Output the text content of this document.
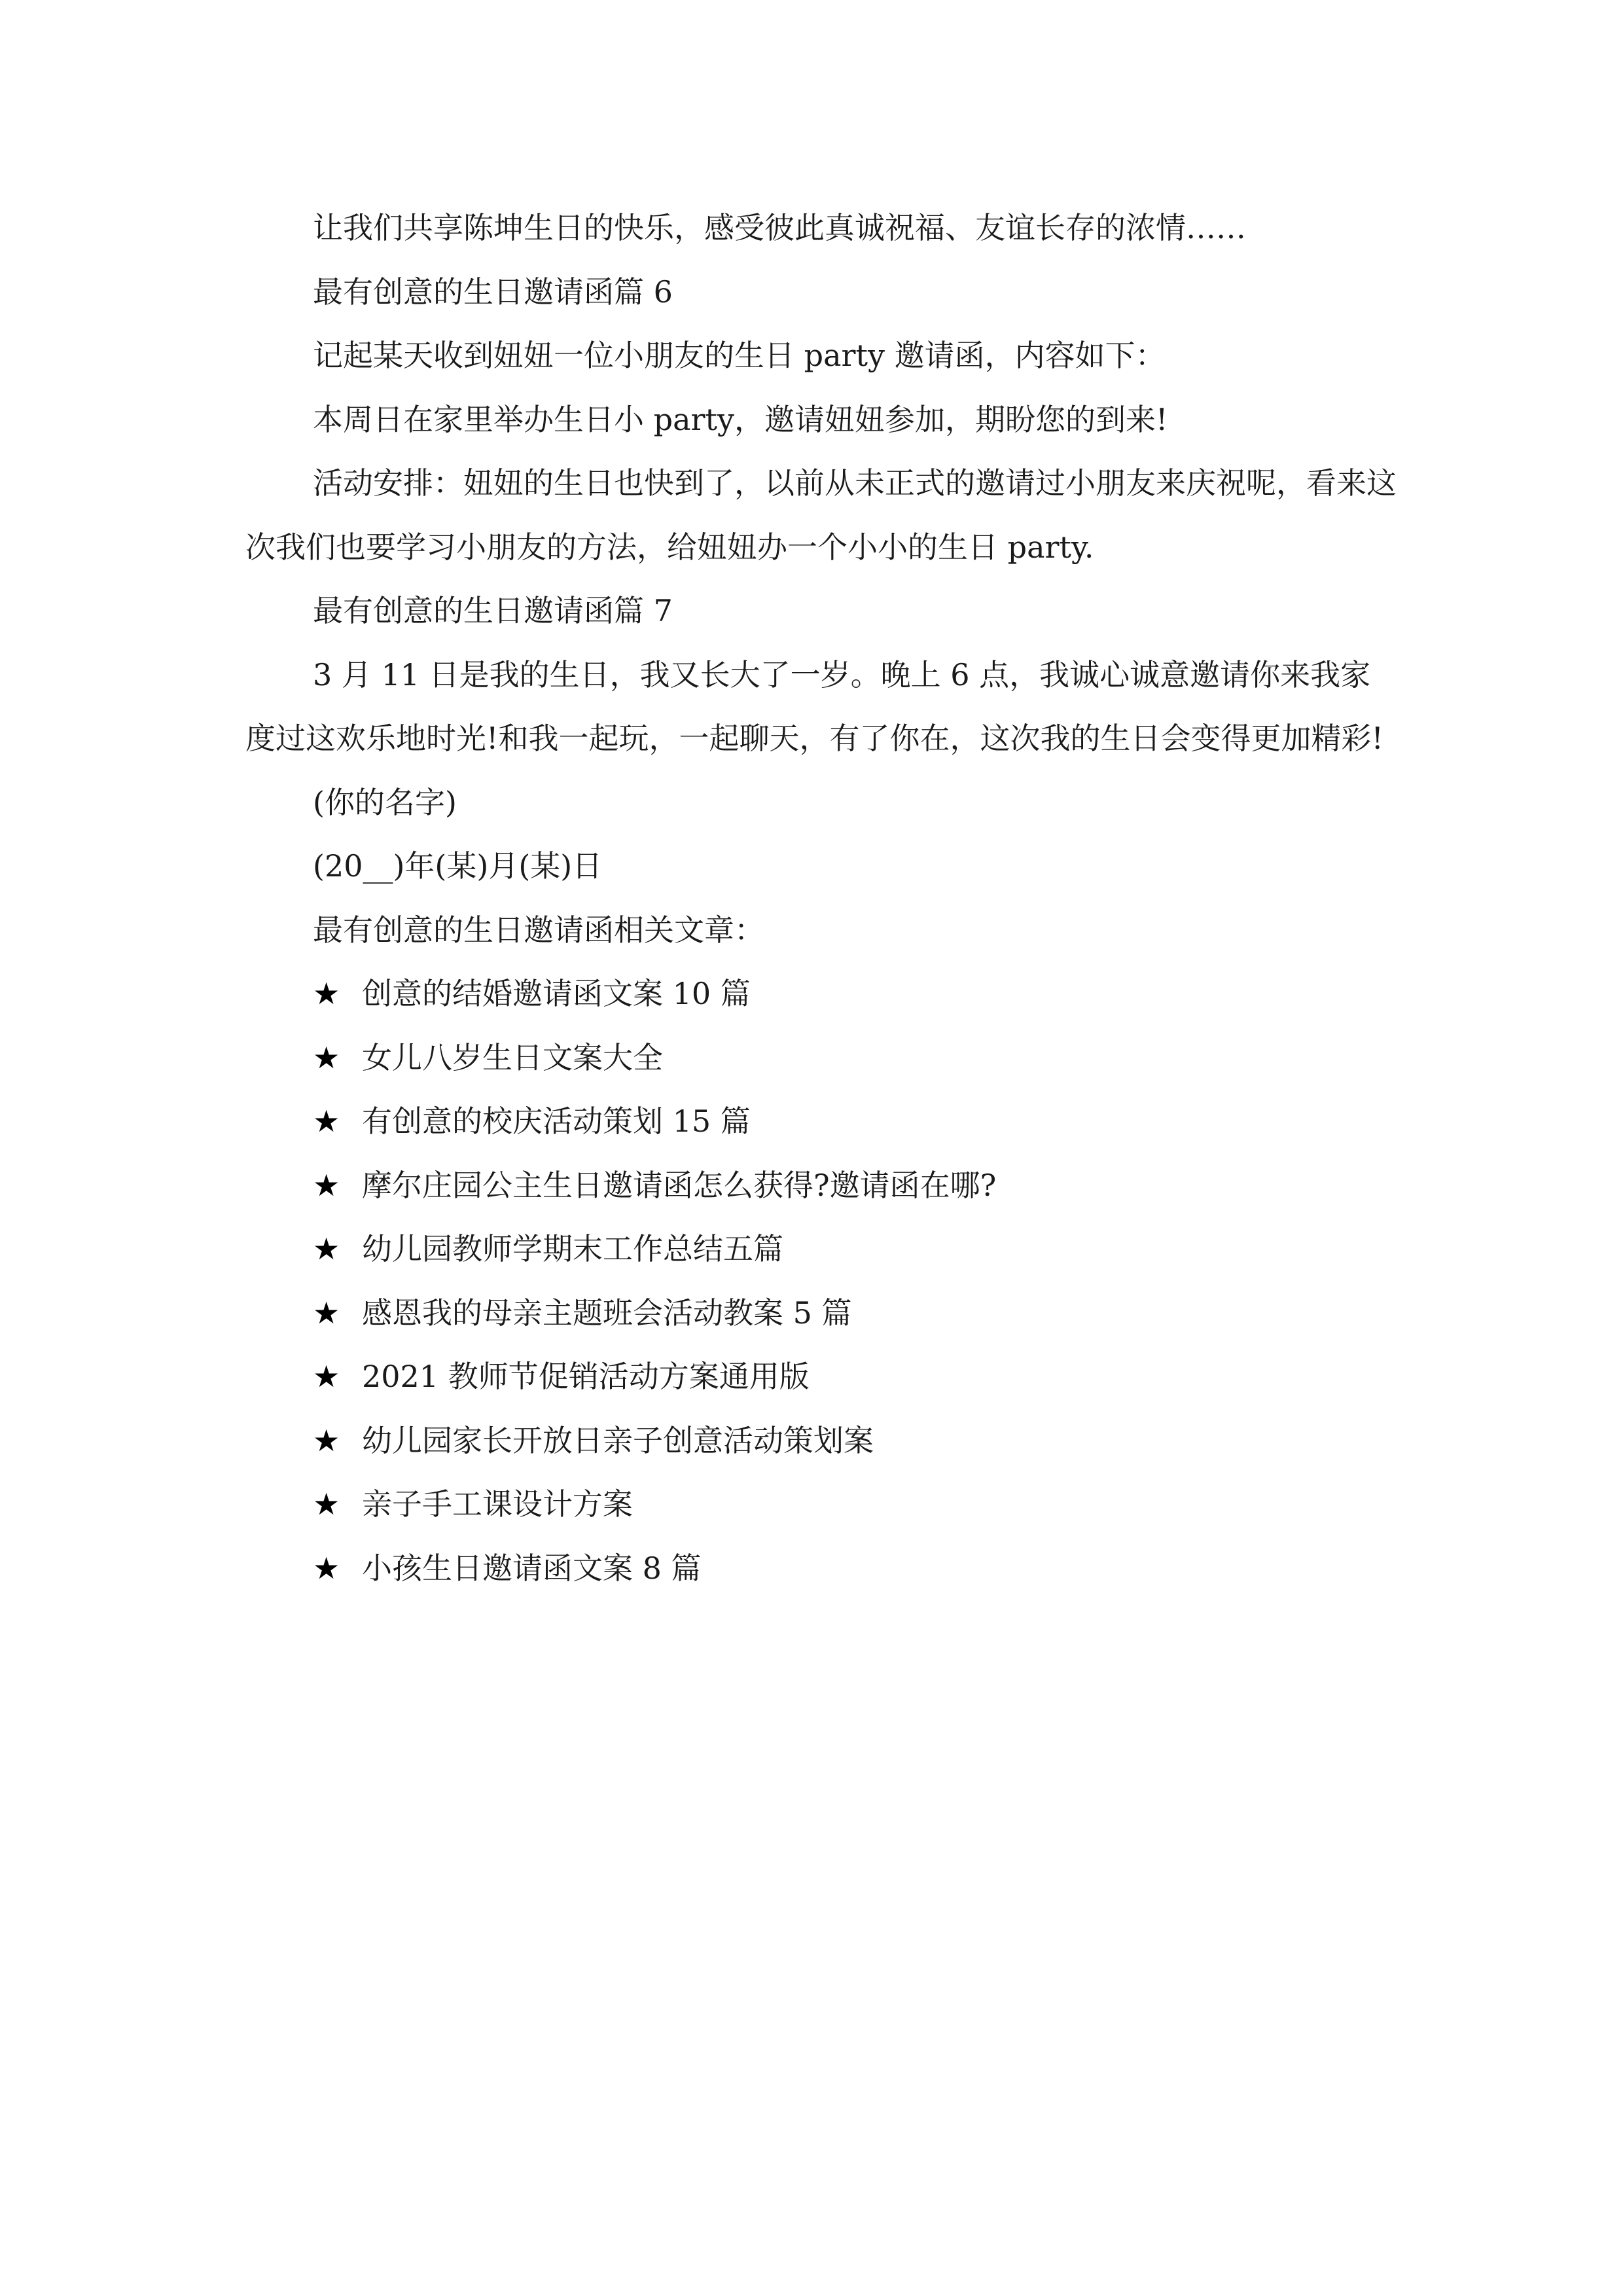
让我们共享陈坤生日的快乐，感受彼此真诚祝福、友谊长存的浓情……

最有创意的生日邀请函篇 6

记起某天收到妞妞一位小朋友的生日 party 邀请函，内容如下：

本周日在家里举办生日小 party，邀请妞妞参加，期盼您的到来!

活动安排：妞妞的生日也快到了，以前从未正式的邀请过小朋友来庆祝呢，看来这次我们也要学习小朋友的方法，给妞妞办一个小小的生日 party.

最有创意的生日邀请函篇 7

3 月 11 日是我的生日，我又长大了一岁。晚上 6 点，我诚心诚意邀请你来我家度过这欢乐地时光!和我一起玩，一起聊天，有了你在，这次我的生日会变得更加精彩!

(你的名字)

(20__)年(某)月(某)日

最有创意的生日邀请函相关文章：

★ 创意的结婚邀请函文案 10 篇
★ 女儿八岁生日文案大全
★ 有创意的校庆活动策划 15 篇
★ 摩尔庄园公主生日邀请函怎么获得?邀请函在哪?
★ 幼儿园教师学期末工作总结五篇
★ 感恩我的母亲主题班会活动教案 5 篇
★ 2021 教师节促销活动方案通用版
★ 幼儿园家长开放日亲子创意活动策划案
★ 亲子手工课设计方案
★ 小孩生日邀请函文案 8 篇
